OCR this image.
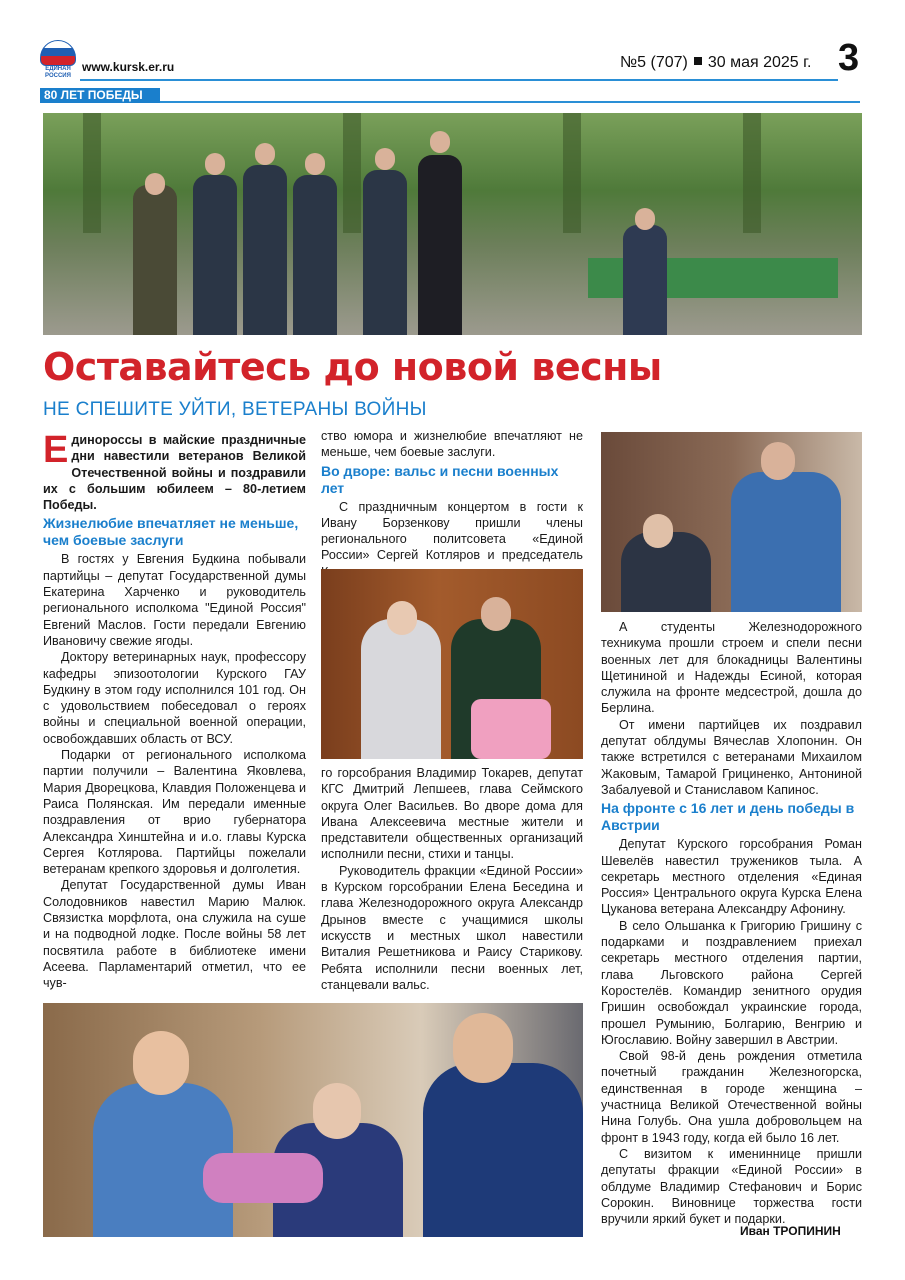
ЕДИНАЯ РОССИЯ
www.kursk.er.ru	№5 (707) 30 мая 2025 г. 3
80 ЛЕТ ПОБЕДЫ
Оставайтесь до новой весны
НЕ СПЕШИТЕ УЙТИ, ВЕТЕРАНЫ ВОЙНЫ

Единоросcы в майские праздничные дни навестили ветеранов Великой Отечественной войны и поздравили их с большим юбилеем – 80-летием Победы.

Жизнелюбие впечатляет не меньше, чем боевые заслуги

В гостях у Евгения Будкина побывали партийцы – депутат Государственной думы Екатерина Харченко и руководитель регионального исполкома "Единой Россия" Евгений Маслов. Гости передали Евгению Ивановичу свежие ягоды.

Доктору ветеринарных наук, профессору кафедры эпизоотологии Курского ГАУ Будкину в этом году исполнился 101 год. Он с удовольствием побеседовал о героях войны и специальной военной операции, освобождавших область от ВСУ.

Подарки от регионального исполкома партии получили – Валентина Яковлева, Мария Дворецкова, Клавдия Положенцева и Раиса Полянская. Им передали именные поздравления от врио губернатора Александра Хинштейна и и.о. главы Курска Сергея Котлярова. Партийцы пожелали ветеранам крепкого здоровья и долголетия.

Депутат Государственной думы Иван Солодовников навестил Марию Малюк. Связистка морфлота, она служила на суше и на подводной лодке. После войны 58 лет посвятила работе в библиотеке имени Асеева. Парламентарий отметил, что ее чув-

ство юмора и жизнелюбие впечатляют не меньше, чем боевые заслуги.

Во дворе: вальс и песни военных лет

С праздничным концертом в гости к Ивану Борзенкову пришли члены регионального политсовета «Единой России» Сергей Котляров и председатель

го горсобрания Владимир Токарев, депутат КГС Дмитрий Лепшеев, глава Сеймского округа Олег Васильев. Во дворе дома для Ивана Алексеевича местные жители и представители общественных организаций исполнили песни, стихи и танцы.

Руководитель фракции «Единой России» в Курском горсобрании Елена Беседина и глава Железнодорожного округа Александр Дрынов вместе с учащимися школы искусств и местных школ навестили Виталия Решетникова и Раису Старикову. Ребята исполнили песни военных лет, станцевали вальс.

А студенты Железнодорожного техникума прошли строем и спели песни военных лет для блокадницы Валентины Щетининой и Надежды Есиной, которая служила на фронте медсестрой, дошла до Берлина.

От имени партийцев их поздравил депутат облдумы Вячеслав Хлопонин. Он также встретился с ветеранами Михаилом Жаковым, Тамарой Грициненко, Антониной Забалуевой и Станиславом Капинос.

На фронте с 16 лет и день победы в Австрии

Депутат Курского горсобрания Роман Шевелёв навестил тружеников тыла. А секретарь местного отделения «Единая Россия» Центрального округа Курска Елена Цуканова ветерана Александру Афонину.

В село Ольшанка к Григорию Гришину с подарками и поздравлением приехал секретарь местного отделения партии, глава Льговского района Сергей Коростелёв. Командир зенитного орудия Гришин освобождал украинские города, прошел Румынию, Болгарию, Венгрию и Югославию. Войну завершил в Австрии.

Свой 98-й день рождения отметила почетный гражданин Железногорска, единственная в городе женщина – участница Великой Отечественной войны Нина Голубь. Она ушла добровольцем на фронт в 1943 году, когда ей было 16 лет.

С визитом к имениннице пришли депутаты фракции «Единой России» в облдуме Владимир Стефанович и Борис Сорокин. Виновнице торжества гости вручили яркий букет и подарки.

Иван ТРОПИНИН
